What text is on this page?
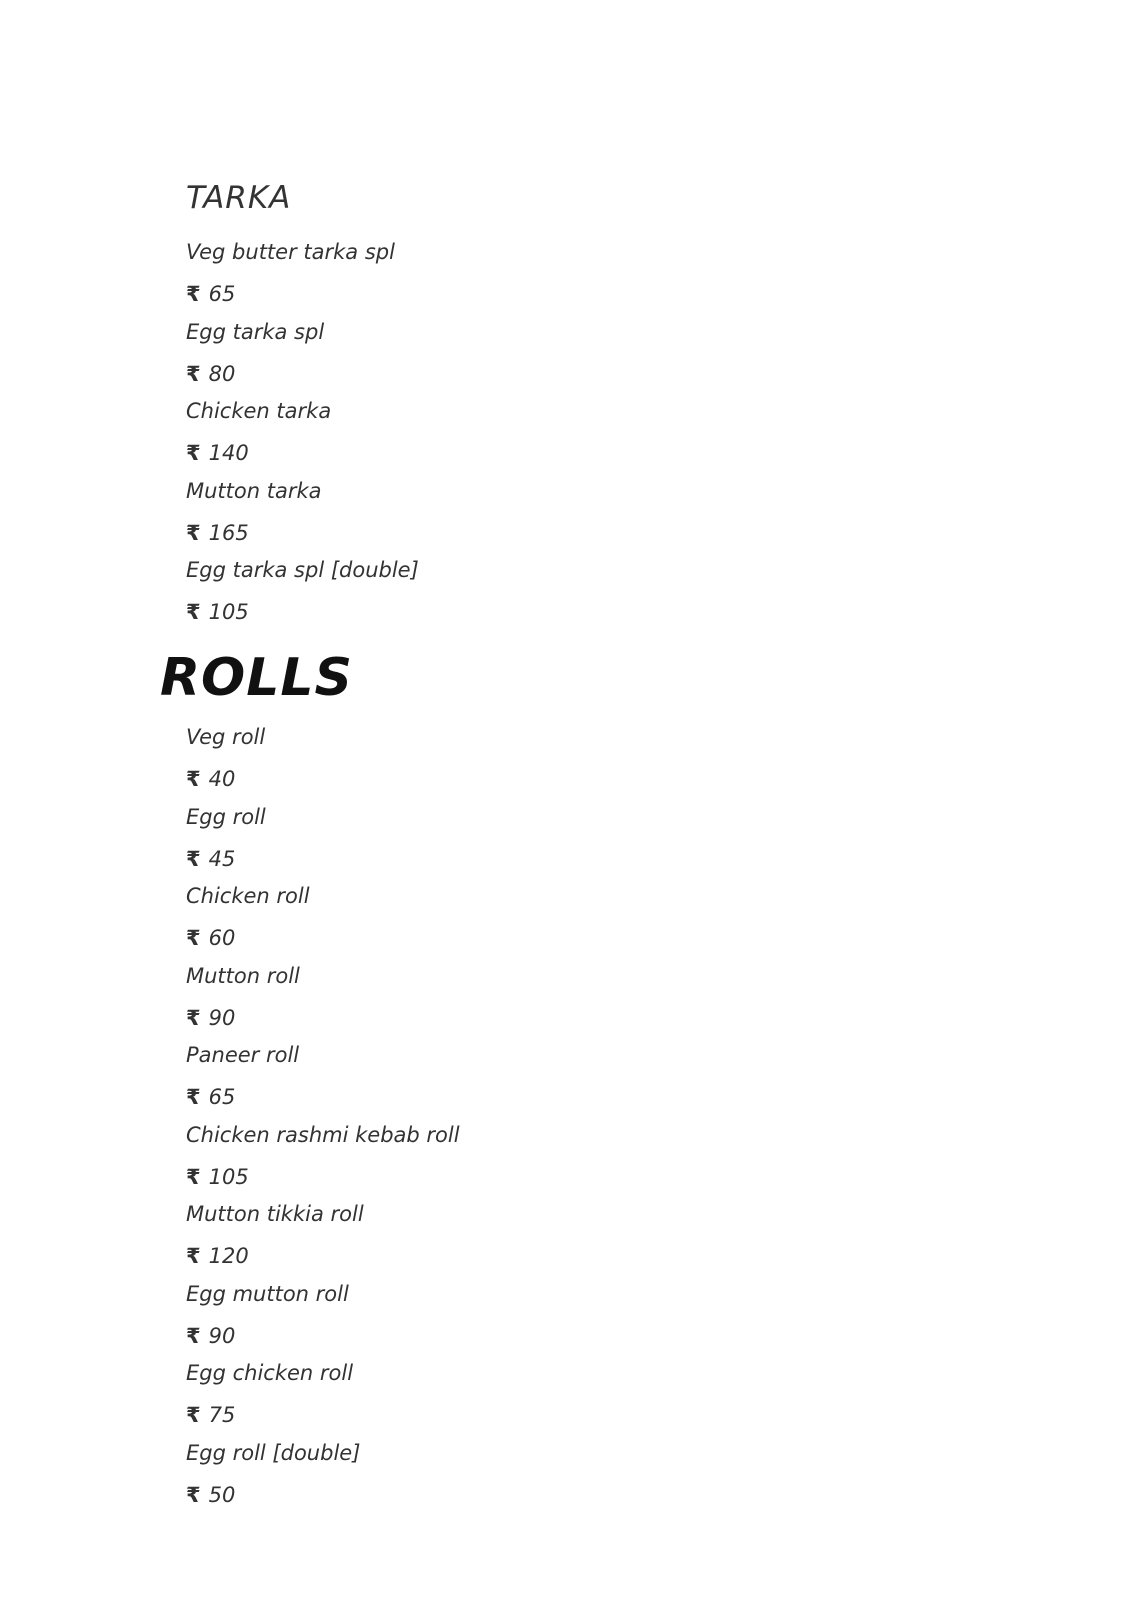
TARKA
Veg butter tarka spl
₹ 65
Egg tarka spl
₹ 80
Chicken tarka
₹ 140
Mutton tarka
₹ 165
Egg tarka spl [double]
₹ 105
ROLLS
Veg roll
₹ 40
Egg roll
₹ 45
Chicken roll
₹ 60
Mutton roll
₹ 90
Paneer roll
₹ 65
Chicken rashmi kebab roll
₹ 105
Mutton tikkia roll
₹ 120
Egg mutton roll
₹ 90
Egg chicken roll
₹ 75
Egg roll [double]
₹ 50
